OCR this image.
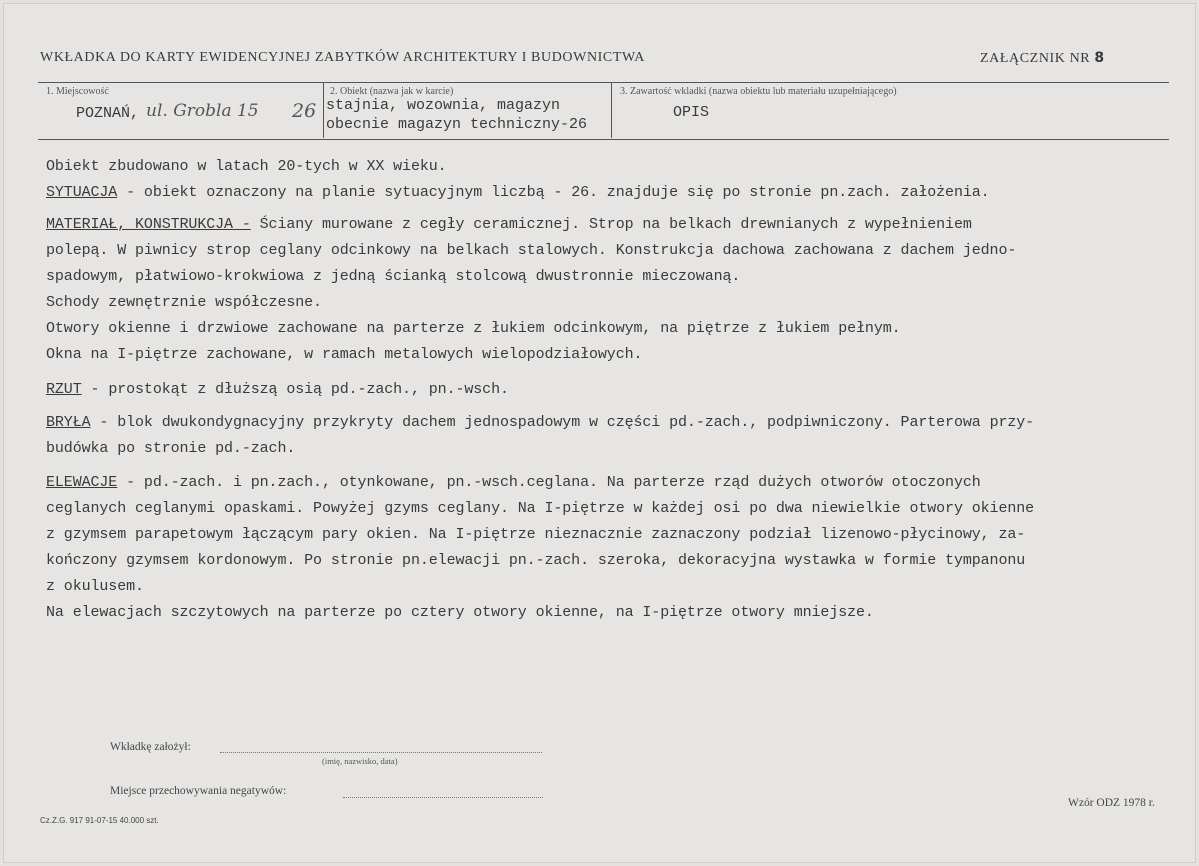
WKŁADKA DO KARTY EWIDENCYJNEJ ZABYTKÓW ARCHITEKTURY I BUDOWNICTWA	ZAŁĄCZNIK NR 8
1. Miejscowość
POZNAŃ, ul. Grobla 15 26
2. Obiekt (nazwa jak w karcie)
stajnia, wozownia, magazyn
obecnie magazyn techniczny-26
3. Zawartość wkladki (nazwa obiektu lub materiału uzupełniającego)
OPIS
Obiekt zbudowano w latach 20-tych w XX wieku.
SYTUACJA - obiekt oznaczony na planie sytuacyjnym liczbą - 26. znajduje się po stronie pn.zach. założenia.
MATERIAŁ, KONSTRUKCJA - Ściany murowane z cegły ceramicznej. Strop na belkach drewnianych z wypełnieniem
polepą. W piwnicy strop ceglany odcinkowy na belkach stalowych. Konstrukcja dachowa zachowana z dachem jedno-
spadowym, płatwiowo-krokwiowa z jedną ścianką stolcową dwustronnie mieczowaną.
Schody zewnętrznie współczesne.
Otwory okienne i drzwiowe zachowane na parterze z łukiem odcinkowym, na piętrze z łukiem pełnym.
Okna na I-piętrze zachowane, w ramach metalowych wielopodziałowych.
RZUT - prostokąt z dłuższą osią pd.-zach., pn.-wsch.
BRYŁA - blok dwukondygnacyjny przykryty dachem jednospadowym w części pd.-zach., podpiwniczony. Parterowa przy-
budówka po stronie pd.-zach.
ELEWACJE - pd.-zach. i pn.zach., otynkowane, pn.-wsch.ceglana. Na parterze rząd dużych otworów otoczonych
ceglanych ceglanymi opaskami. Powyżej gzyms ceglany. Na I-piętrze w każdej osi po dwa niewielkie otwory okienne
z gzymsem parapetowym łączącym pary okien. Na I-piętrze nieznacznie zaznaczony podział lizenowo-płycinowy, za-
kończony gzymsem kordonowym. Po stronie pn.elewacji pn.-zach. szeroka, dekoracyjna wystawka w formie tympanonu
z okulusem.
Na elewacjach szczytowych na parterze po cztery otwory okienne, na I-piętrze otwory mniejsze.
Wkładkę założył:
(imię, nazwisko, data)
Miejsce przechowywania negatywów:
Wzór ODZ 1978 r.
Cz.Z.G. 917 91-07-15 40.000 szt.
